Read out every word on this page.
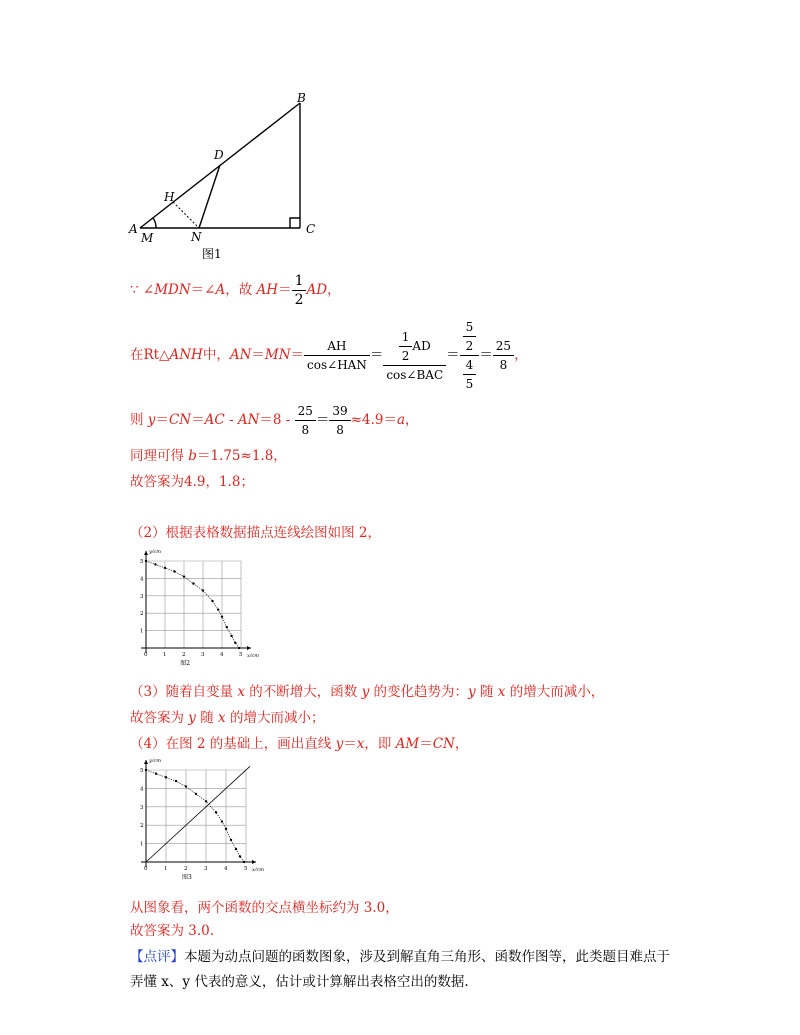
A
M
H
N
D
B
C
图1
∵ ∠MDN＝∠A，故 $AH= \frac{1}{2}$ AD，
在Rt△ANH中，$AN=MN= \frac{AH}{\text{cos∠HAN}} = \frac{\frac{1}{2} AD}{\text{cos∠BAC}} = \frac{\frac{5}{2}}{\frac{4}{5}} = \frac{25}{8}$ ，
则 $y=CN=AC - AN=8 - \frac{25}{8} = \frac{39}{8} \approx 4.9=a$，
同理可得 b＝1.75≈1.8，
故答案为4.9，1.8；
（2）根据表格数据描点连线绘图如图 2，
0	1	2	3	4	5
1
2
3
4
5
x/cm
y/cm
图2
（3）随着自变量 x 的不断增大，函数 y 的变化趋势为：y 随 x 的增大而减小，
故答案为 y 随 x 的增大而减小；
（4）在图 2 的基础上，画出直线 y＝x，即 AM＝CN，
0	1	2	3	4	5
1
2
3
4
5
x/cm
y/cm
图3
从图象看，两个函数的交点横坐标约为 3.0，
故答案为 3.0.
【点评】本题为动点问题的函数图象，涉及到解直角三角形、函数作图等，此类题目难点于
弄懂 x、y 代表的意义，估计或计算解出表格空出的数据.
